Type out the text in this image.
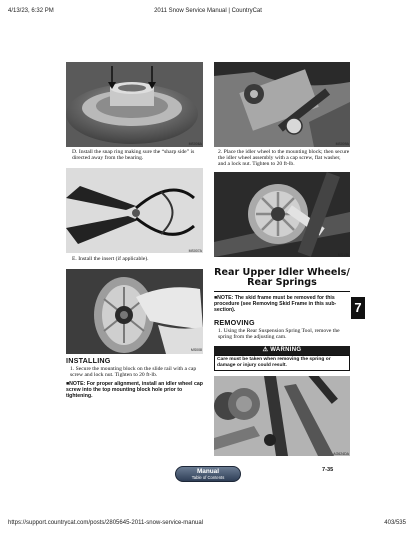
4/13/23, 6:32 PM	2011 Snow Service Manual | CountryCat
MS006A
D. Install the snap ring making sure the “sharp side” is directed away from the bearing.
MS007A
E. Install the insert (if applicable).
MS008
INSTALLING
1. Secure the mounting block on the slide rail with a cap screw and lock nut. Tighten to 20 ft-lb.
■NOTE: For proper alignment, install an idler wheel cap screw into the top mounting block hole prior to tightening.
MS009A
2. Place the idler wheel to the mounting block; then secure the idler wheel assembly with a cap screw, flat washer, and a lock nut. Tighten to 20 ft-lb.
MS136
Rear Upper Idler Wheels/
Rear Springs
■NOTE: The skid frame must be removed for this procedure (see Removing Skid Frame in this sub-section).	7
REMOVING
1. Using the Rear Suspension Spring Tool, remove the spring from the adjusting cam.
⚠ WARNING
Care must be taken when removing the spring or damage or injury could result.
AG624DA
Manual
Table of Contents
7-35
https://support.countrycat.com/posts/2805645-2011-snow-service-manual	403/535
